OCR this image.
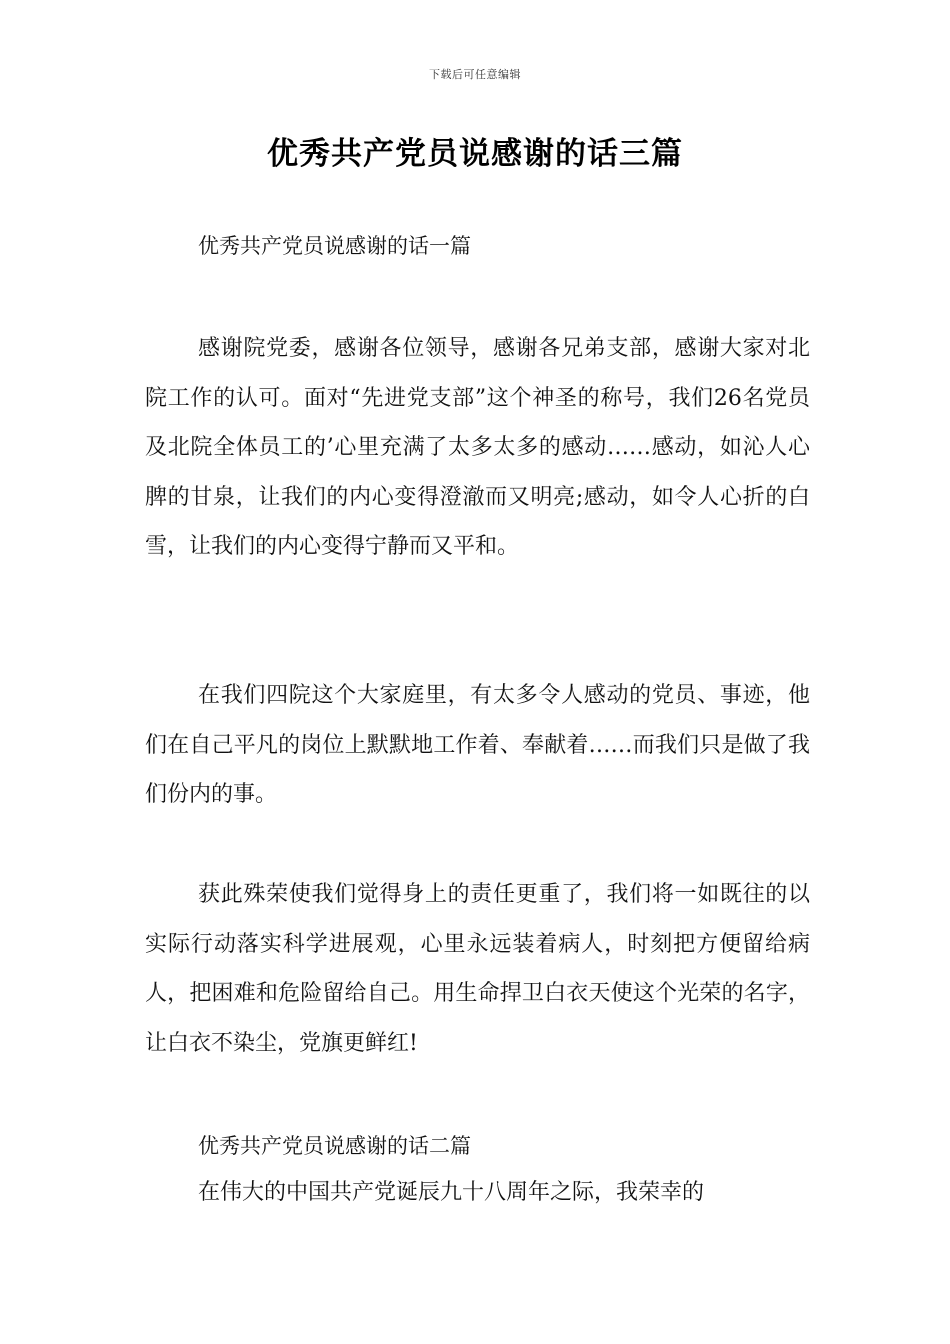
下载后可任意编辑
优秀共产党员说感谢的话三篇
优秀共产党员说感谢的话一篇

感谢院党委，感谢各位领导，感谢各兄弟支部，感谢大家对北院工作的认可。面对“先进党支部”这个神圣的称号，我们26名党员及北院全体员工的’心里充满了太多太多的感动……感动，如沁人心脾的甘泉，让我们的内心变得澄澈而又明亮;感动，如令人心折的白雪，让我们的内心变得宁静而又平和。

在我们四院这个大家庭里，有太多令人感动的党员、事迹，他们在自己平凡的岗位上默默地工作着、奉献着……而我们只是做了我们份内的事。

获此殊荣使我们觉得身上的责任更重了，我们将一如既往的以实际行动落实科学进展观，心里永远装着病人，时刻把方便留给病人，把困难和危险留给自己。用生命捍卫白衣天使这个光荣的名字，让白衣不染尘，党旗更鲜红!

优秀共产党员说感谢的话二篇

在伟大的中国共产党诞辰九十八周年之际，我荣幸的
